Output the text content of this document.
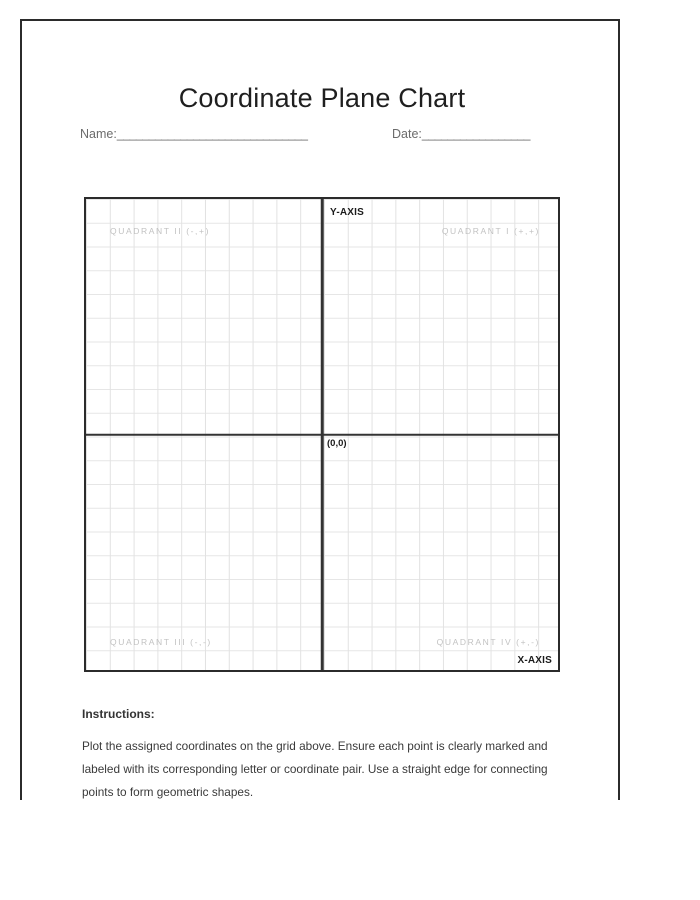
Coordinate Plane Chart
Name:______________________________	Date:_________________
QUADRANT II (-,+)	QUADRANT I (+,+)
QUADRANT III (-,-)	QUADRANT IV (+,-)
Y-AXIS
X-AXIS
(0,0)

Instructions:

Plot the assigned coordinates on the grid above. Ensure each point is clearly marked and labeled with its corresponding letter or coordinate pair. Use a straight edge for connecting points to form geometric shapes.
